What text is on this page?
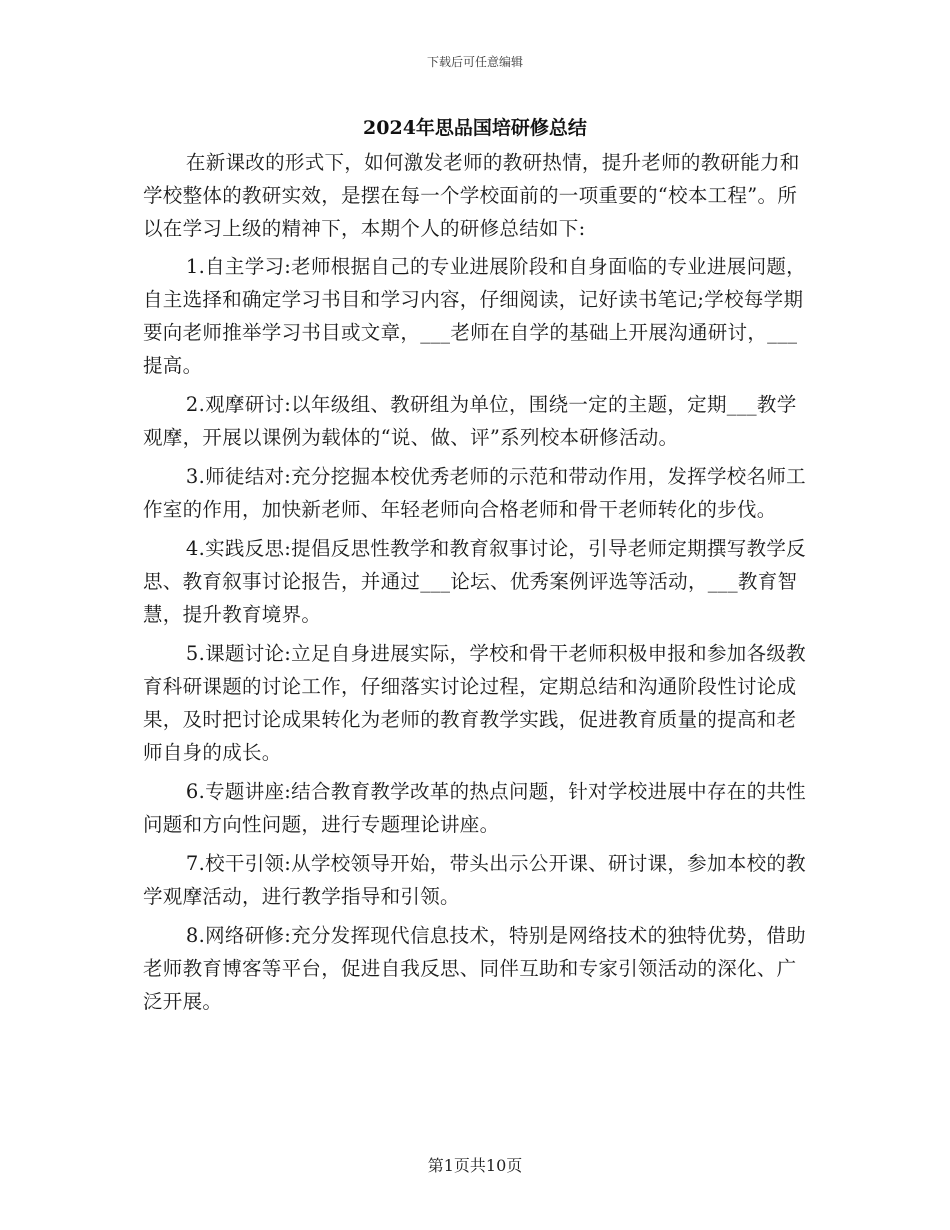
下载后可任意编辑
2024年思品国培研修总结

在新课改的形式下，如何激发老师的教研热情，提升老师的教研能力和学校整体的教研实效，是摆在每一个学校面前的一项重要的“校本工程”。所以在学习上级的精神下，本期个人的研修总结如下:

1.自主学习:老师根据自己的专业进展阶段和自身面临的专业进展问题，自主选择和确定学习书目和学习内容，仔细阅读，记好读书笔记;学校每学期要向老师推举学习书目或文章，___老师在自学的基础上开展沟通研讨，___提高。

2.观摩研讨:以年级组、教研组为单位，围绕一定的主题，定期___教学观摩，开展以课例为载体的“说、做、评”系列校本研修活动。

3.师徒结对:充分挖掘本校优秀老师的示范和带动作用，发挥学校名师工作室的作用，加快新老师、年轻老师向合格老师和骨干老师转化的步伐。

4.实践反思:提倡反思性教学和教育叙事讨论，引导老师定期撰写教学反思、教育叙事讨论报告，并通过___论坛、优秀案例评选等活动，___教育智慧，提升教育境界。

5.课题讨论:立足自身进展实际，学校和骨干老师积极申报和参加各级教育科研课题的讨论工作，仔细落实讨论过程，定期总结和沟通阶段性讨论成果，及时把讨论成果转化为老师的教育教学实践，促进教育质量的提高和老师自身的成长。

6.专题讲座:结合教育教学改革的热点问题，针对学校进展中存在的共性问题和方向性问题，进行专题理论讲座。

7.校干引领:从学校领导开始，带头出示公开课、研讨课，参加本校的教学观摩活动，进行教学指导和引领。

8.网络研修:充分发挥现代信息技术，特别是网络技术的独特优势，借助老师教育博客等平台，促进自我反思、同伴互助和专家引领活动的深化、广泛开展。

第1页共10页
